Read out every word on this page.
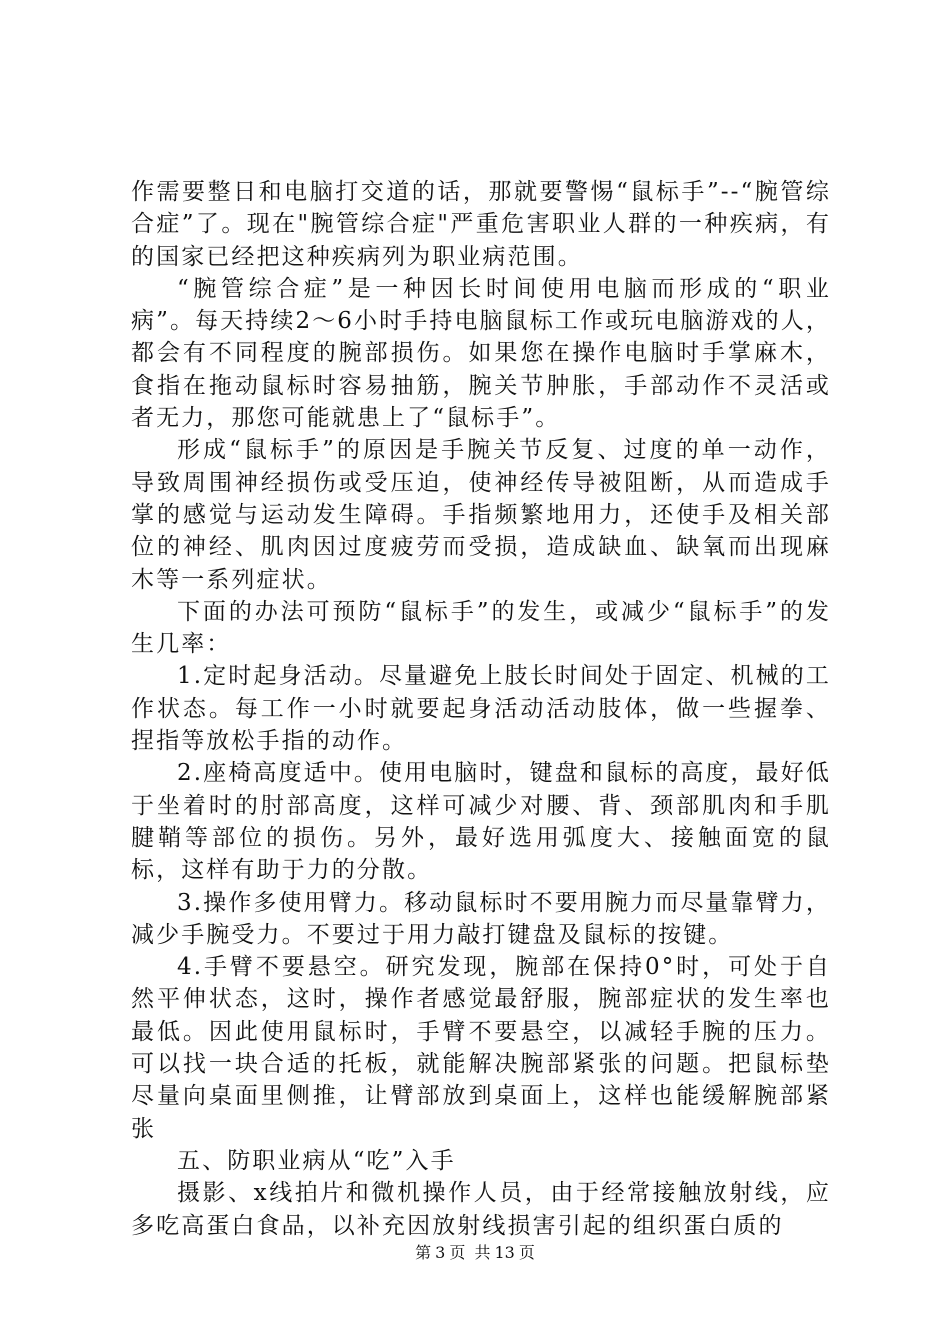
作需要整日和电脑打交道的话，那就要警惕“鼠标手”--“腕管综合症”了。现在"腕管综合症"严重危害职业人群的一种疾病，有的国家已经把这种疾病列为职业病范围。

“腕管综合症”是一种因长时间使用电脑而形成的“职业病”。每天持续2～6小时手持电脑鼠标工作或玩电脑游戏的人，都会有不同程度的腕部损伤。如果您在操作电脑时手掌麻木，食指在拖动鼠标时容易抽筋，腕关节肿胀，手部动作不灵活或者无力，那您可能就患上了“鼠标手”。

形成“鼠标手”的原因是手腕关节反复、过度的单一动作，导致周围神经损伤或受压迫，使神经传导被阻断，从而造成手掌的感觉与运动发生障碍。手指频繁地用力，还使手及相关部位的神经、肌肉因过度疲劳而受损，造成缺血、缺氧而出现麻木等一系列症状。

下面的办法可预防“鼠标手”的发生，或减少“鼠标手”的发生几率：

1.定时起身活动。尽量避免上肢长时间处于固定、机械的工作状态。每工作一小时就要起身活动活动肢体，做一些握拳、捏指等放松手指的动作。

2.座椅高度适中。使用电脑时，键盘和鼠标的高度，最好低于坐着时的肘部高度，这样可减少对腰、背、颈部肌肉和手肌腱鞘等部位的损伤。另外，最好选用弧度大、接触面宽的鼠标，这样有助于力的分散。

3.操作多使用臂力。移动鼠标时不要用腕力而尽量靠臂力，减少手腕受力。不要过于用力敲打键盘及鼠标的按键。

4.手臂不要悬空。研究发现，腕部在保持0°时，可处于自然平伸状态，这时，操作者感觉最舒服，腕部症状的发生率也最低。因此使用鼠标时，手臂不要悬空，以减轻手腕的压力。可以找一块合适的托板，就能解决腕部紧张的问题。把鼠标垫尽量向桌面里侧推，让臂部放到桌面上，这样也能缓解腕部紧张

五、防职业病从“吃”入手

摄影、x线拍片和微机操作人员，由于经常接触放射线，应多吃高蛋白食品，以补充因放射线损害引起的组织蛋白质的

第 3 页 共 13 页
